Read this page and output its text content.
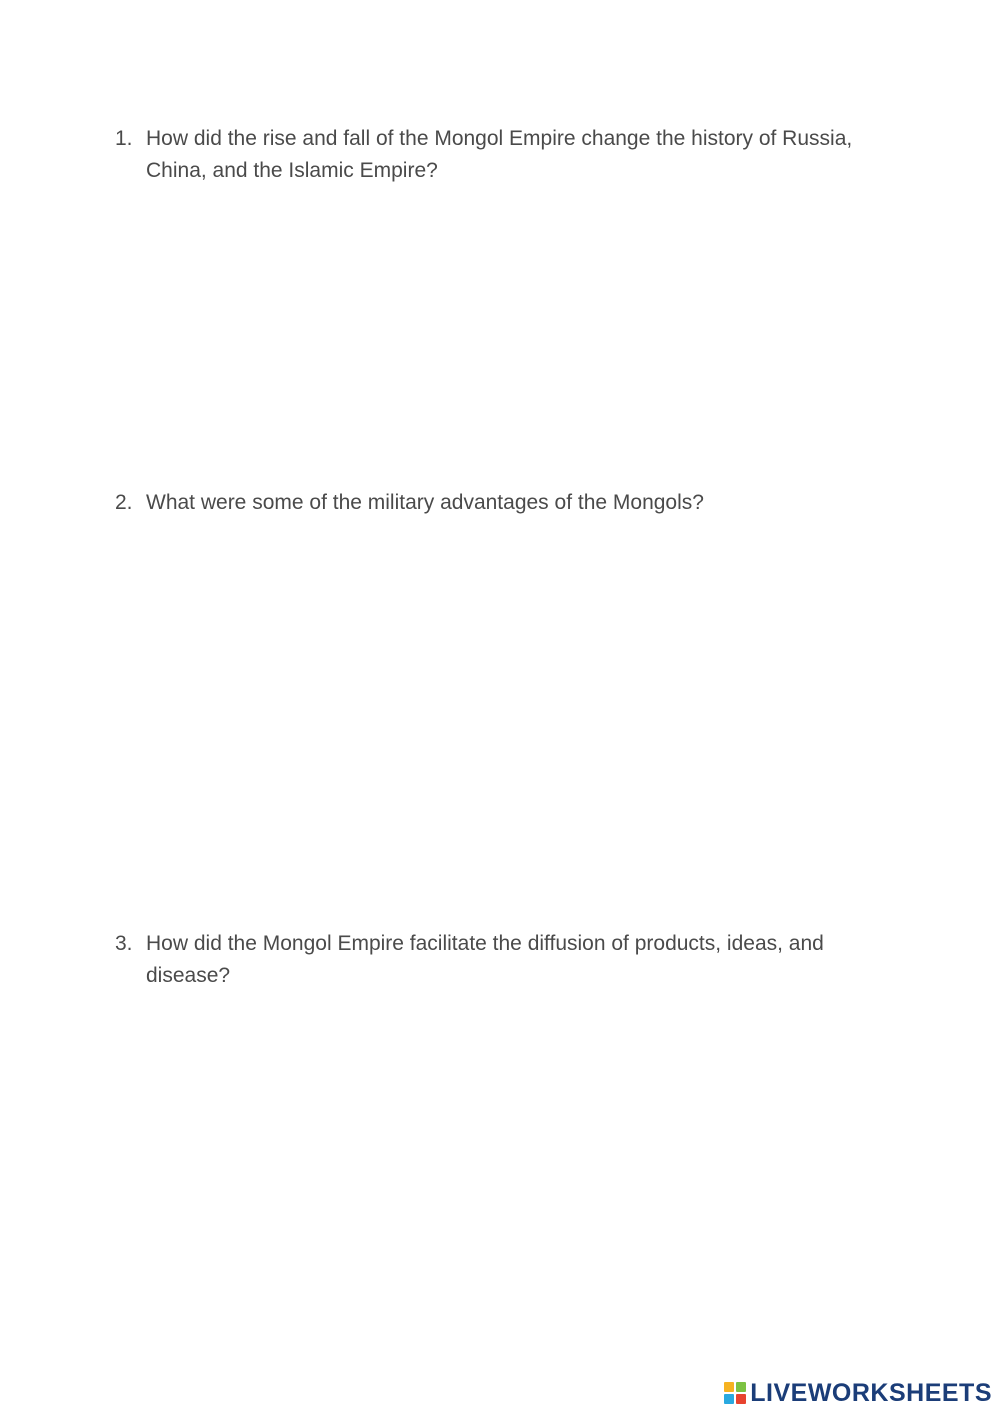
1. How did the rise and fall of the Mongol Empire change the history of Russia, China, and the Islamic Empire?
2. What were some of the military advantages of the Mongols?
3. How did the Mongol Empire facilitate the diffusion of products, ideas, and disease?
LIVEWORKSHEETS
